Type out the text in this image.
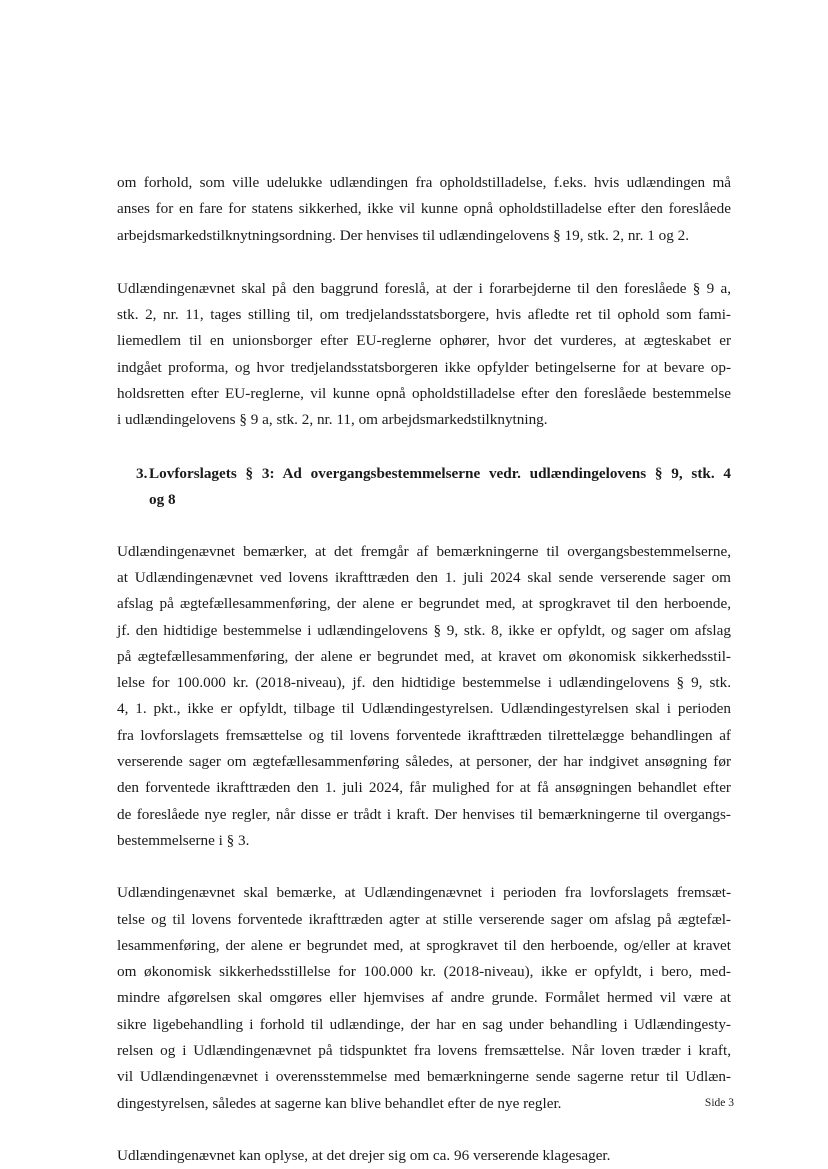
om forhold, som ville udelukke udlændingen fra opholdstilladelse, f.eks. hvis udlændingen må
anses for en fare for statens sikkerhed, ikke vil kunne opnå opholdstilladelse efter den foreslåede
arbejdsmarkedstilknytningsordning. Der henvises til udlændingelovens § 19, stk. 2, nr. 1 og 2.

Udlændingenævnet skal på den baggrund foreslå, at der i forarbejderne til den foreslåede § 9 a,
stk. 2, nr. 11, tages stilling til, om tredjelandsstatsborgere, hvis afledte ret til ophold som fami-
liemedlem til en unionsborger efter EU-reglerne ophører, hvor det vurderes, at ægteskabet er
indgået proforma, og hvor tredjelandsstatsborgeren ikke opfylder betingelserne for at bevare op-
holdsretten efter EU-reglerne, vil kunne opnå opholdstilladelse efter den foreslåede bestemmelse
i udlændingelovens § 9 a, stk. 2, nr. 11, om arbejdsmarkedstilknytning.

3. Lovforslagets § 3: Ad overgangsbestemmelserne vedr. udlændingelovens § 9, stk. 4
og 8

Udlændingenævnet bemærker, at det fremgår af bemærkningerne til overgangsbestemmelserne,
at Udlændingenævnet ved lovens ikrafttræden den 1. juli 2024 skal sende verserende sager om
afslag på ægtefællesammenføring, der alene er begrundet med, at sprogkravet til den herboende,
jf. den hidtidige bestemmelse i udlændingelovens § 9, stk. 8, ikke er opfyldt, og sager om afslag
på ægtefællesammenføring, der alene er begrundet med, at kravet om økonomisk sikkerhedsstil-
lelse for 100.000 kr. (2018-niveau), jf. den hidtidige bestemmelse i udlændingelovens § 9, stk.
4, 1. pkt., ikke er opfyldt, tilbage til Udlændingestyrelsen. Udlændingestyrelsen skal i perioden
fra lovforslagets fremsættelse og til lovens forventede ikrafttræden tilrettelægge behandlingen af
verserende sager om ægtefællesammenføring således, at personer, der har indgivet ansøgning før
den forventede ikrafttræden den 1. juli 2024, får mulighed for at få ansøgningen behandlet efter
de foreslåede nye regler, når disse er trådt i kraft. Der henvises til bemærkningerne til overgangs-
bestemmelserne i § 3.

Udlændingenævnet skal bemærke, at Udlændingenævnet i perioden fra lovforslagets fremsæt-
telse og til lovens forventede ikrafttræden agter at stille verserende sager om afslag på ægtefæl-
lesammenføring, der alene er begrundet med, at sprogkravet til den herboende, og/eller at kravet
om økonomisk sikkerhedsstillelse for 100.000 kr. (2018-niveau), ikke er opfyldt, i bero, med-
mindre afgørelsen skal omgøres eller hjemvises af andre grunde. Formålet hermed vil være at
sikre ligebehandling i forhold til udlændinge, der har en sag under behandling i Udlændingesty-
relsen og i Udlændingenævnet på tidspunktet fra lovens fremsættelse. Når loven træder i kraft,
vil Udlændingenævnet i overensstemmelse med bemærkningerne sende sagerne retur til Udlæn-
dingestyrelsen, således at sagerne kan blive behandlet efter de nye regler.

Udlændingenævnet kan oplyse, at det drejer sig om ca. 96 verserende klagesager.

Side 3
